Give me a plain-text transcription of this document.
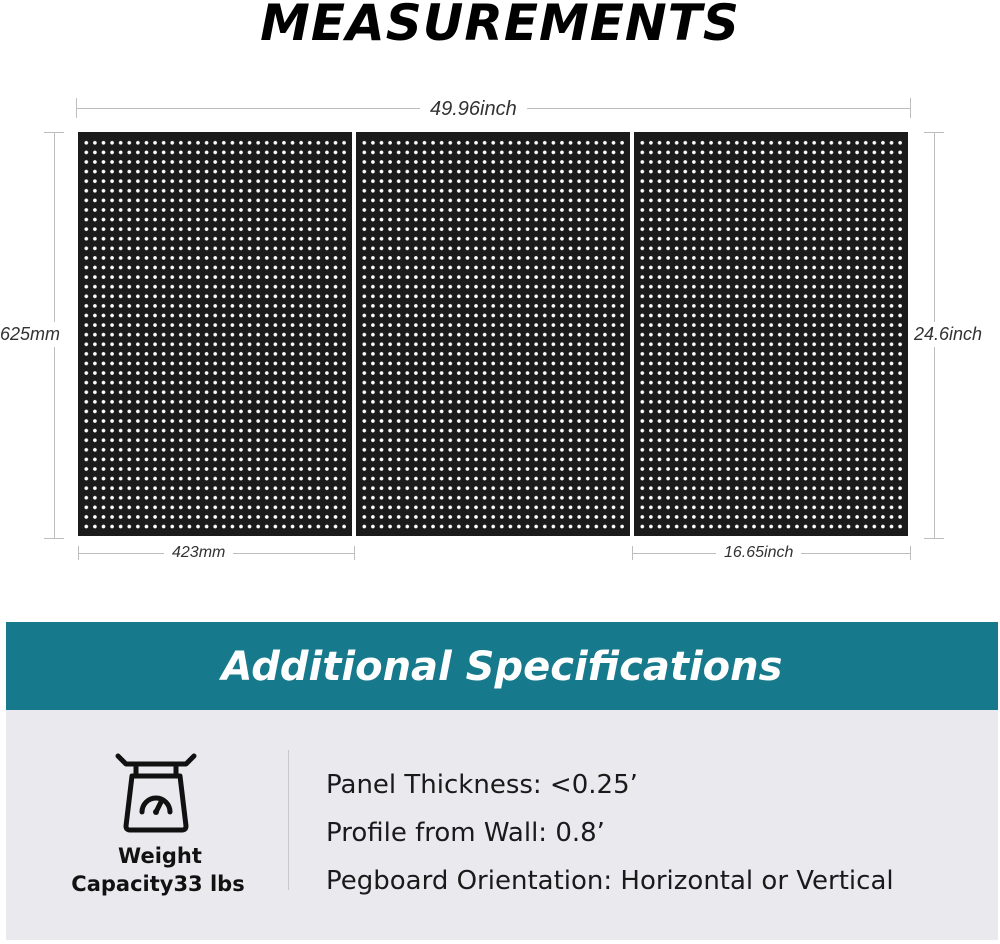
MEASUREMENTS
49.96inch
625mm	24.6inch
423mm	16.65inch
Additional Specifications
Weight
Capacity33 lbs
Panel Thickness: <0.25’
Profile from Wall: 0.8’
Pegboard Orientation: Horizontal or Vertical
